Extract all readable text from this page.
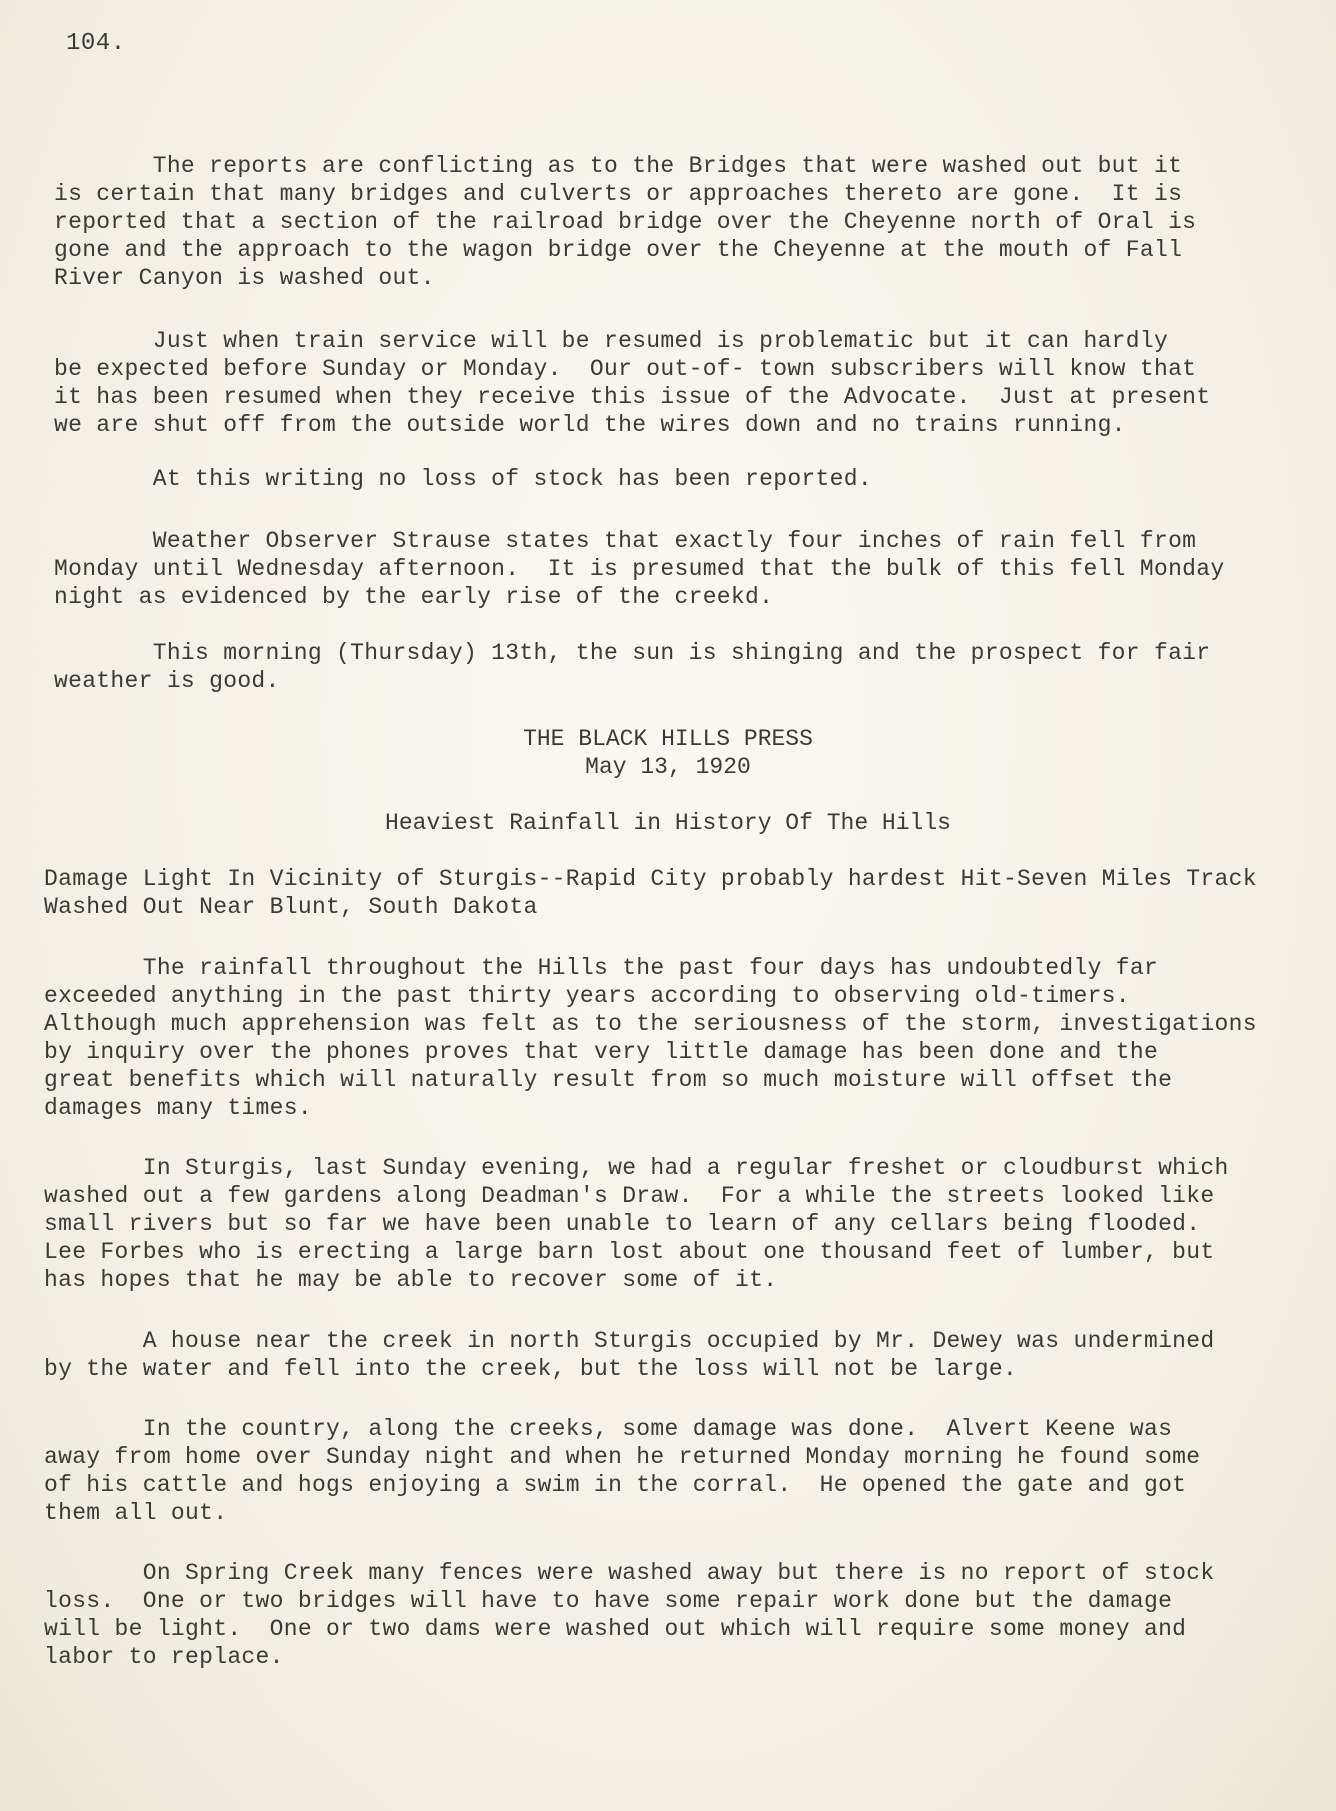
104.
The reports are conflicting as to the Bridges that were washed out but it
is certain that many bridges and culverts or approaches thereto are gone.  It is
reported that a section of the railroad bridge over the Cheyenne north of Oral is
gone and the approach to the wagon bridge over the Cheyenne at the mouth of Fall
River Canyon is washed out.
Just when train service will be resumed is problematic but it can hardly
be expected before Sunday or Monday.  Our out-of- town subscribers will know that
it has been resumed when they receive this issue of the Advocate.  Just at present
we are shut off from the outside world the wires down and no trains running.
At this writing no loss of stock has been reported.
Weather Observer Strause states that exactly four inches of rain fell from
Monday until Wednesday afternoon.  It is presumed that the bulk of this fell Monday
night as evidenced by the early rise of the creekd.
This morning (Thursday) 13th, the sun is shinging and the prospect for fair
weather is good.
THE BLACK HILLS PRESS
May 13, 1920
Heaviest Rainfall in History Of The Hills
Damage Light In Vicinity of Sturgis--Rapid City probably hardest Hit-Seven Miles Track
Washed Out Near Blunt, South Dakota
The rainfall throughout the Hills the past four days has undoubtedly far
exceeded anything in the past thirty years according to observing old-timers.
Although much apprehension was felt as to the seriousness of the storm, investigations
by inquiry over the phones proves that very little damage has been done and the
great benefits which will naturally result from so much moisture will offset the
damages many times.
In Sturgis, last Sunday evening, we had a regular freshet or cloudburst which
washed out a few gardens along Deadman's Draw.  For a while the streets looked like
small rivers but so far we have been unable to learn of any cellars being flooded.
Lee Forbes who is erecting a large barn lost about one thousand feet of lumber, but
has hopes that he may be able to recover some of it.
A house near the creek in north Sturgis occupied by Mr. Dewey was undermined
by the water and fell into the creek, but the loss will not be large.
In the country, along the creeks, some damage was done.  Alvert Keene was
away from home over Sunday night and when he returned Monday morning he found some
of his cattle and hogs enjoying a swim in the corral.  He opened the gate and got
them all out.
On Spring Creek many fences were washed away but there is no report of stock
loss.  One or two bridges will have to have some repair work done but the damage
will be light.  One or two dams were washed out which will require some money and
labor to replace.
